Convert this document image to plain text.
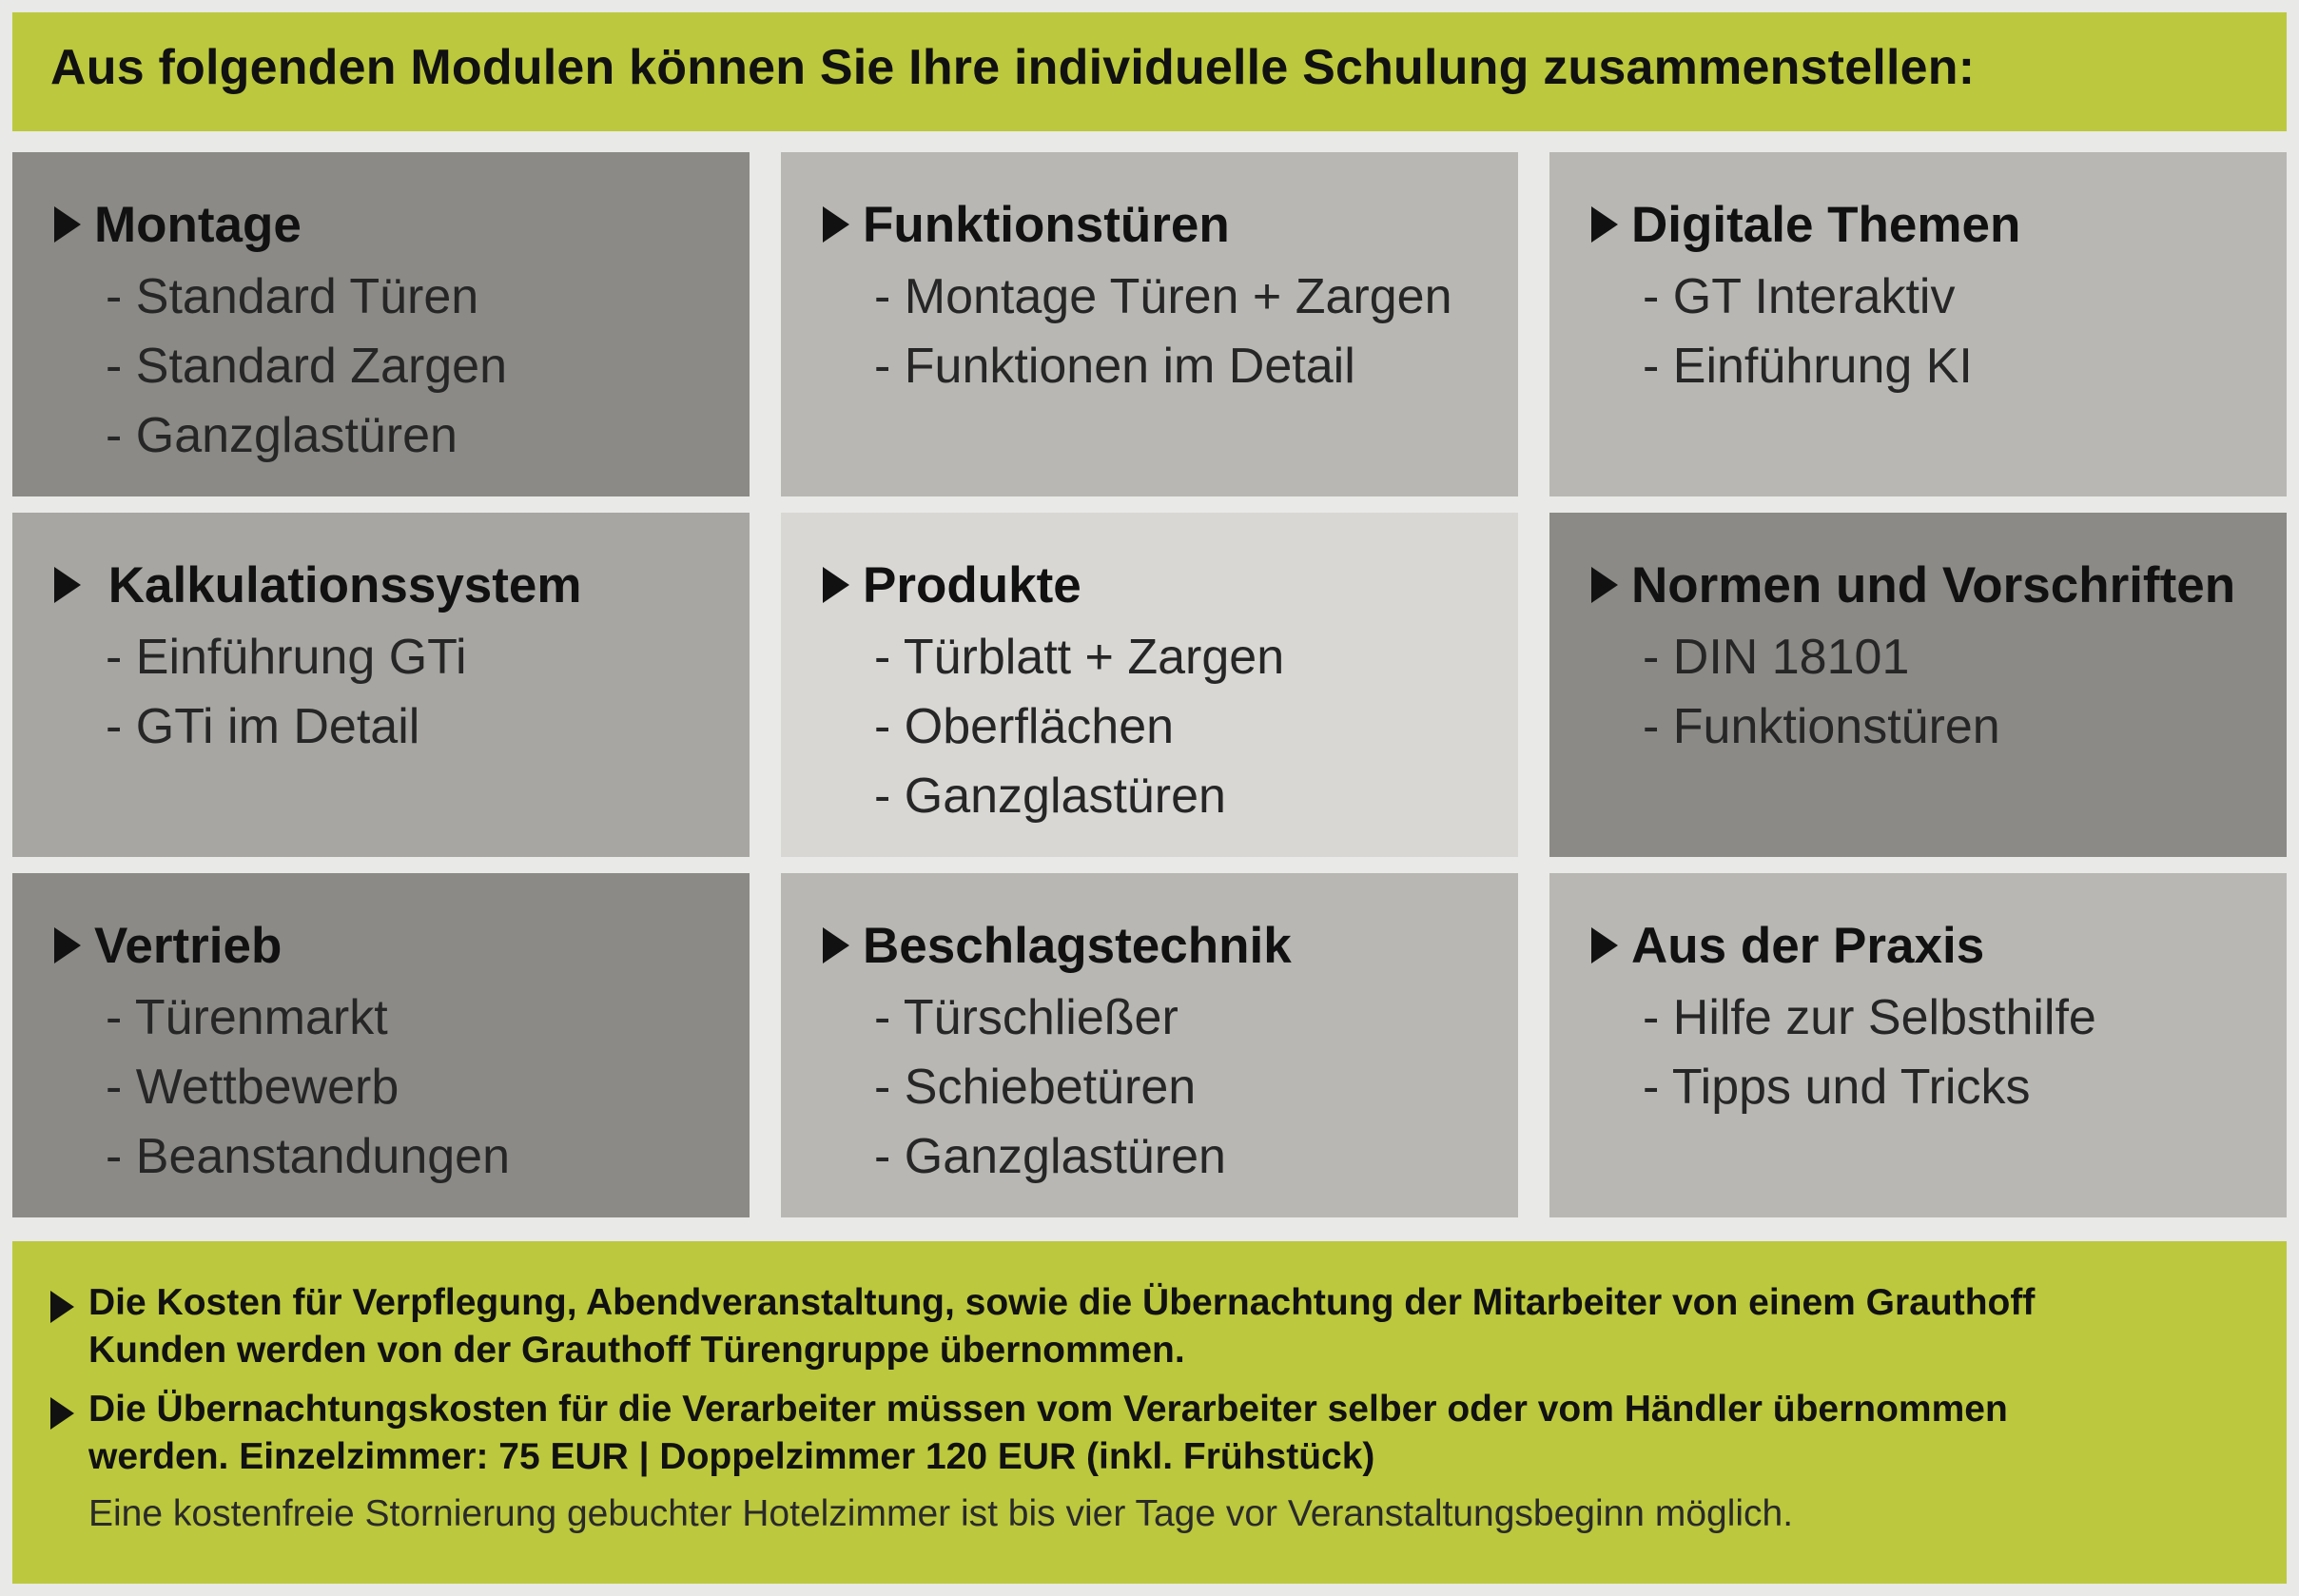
Aus folgenden Modulen können Sie Ihre individuelle Schulung zusammenstellen:
Montage
- Standard Türen
- Standard Zargen
- Ganzglastüren
Funktionstüren
- Montage Türen + Zargen
- Funktionen im Detail
Digitale Themen
- GT Interaktiv
- Einführung KI
Kalkulationssystem
- Einführung GTi
- GTi im Detail
Produkte
- Türblatt + Zargen
- Oberflächen
- Ganzglastüren
Normen und Vorschriften
- DIN 18101
- Funktionstüren
Vertrieb
- Türenmarkt
- Wettbewerb
- Beanstandungen
Beschlagstechnik
- Türschließer
- Schiebetüren
- Ganzglastüren
Aus der Praxis
- Hilfe zur Selbsthilfe
- Tipps und Tricks
Die Kosten für Verpflegung, Abendveranstaltung, sowie die Übernachtung der Mitarbeiter von einem Grauthoff
Kunden werden von der Grauthoff Türengruppe übernommen.
Die Übernachtungskosten für die Verarbeiter müssen vom Verarbeiter selber oder vom Händler übernommen
werden. Einzelzimmer: 75 EUR | Doppelzimmer 120 EUR (inkl. Frühstück)
Eine kostenfreie Stornierung gebuchter Hotelzimmer ist bis vier Tage vor Veranstaltungsbeginn möglich.
